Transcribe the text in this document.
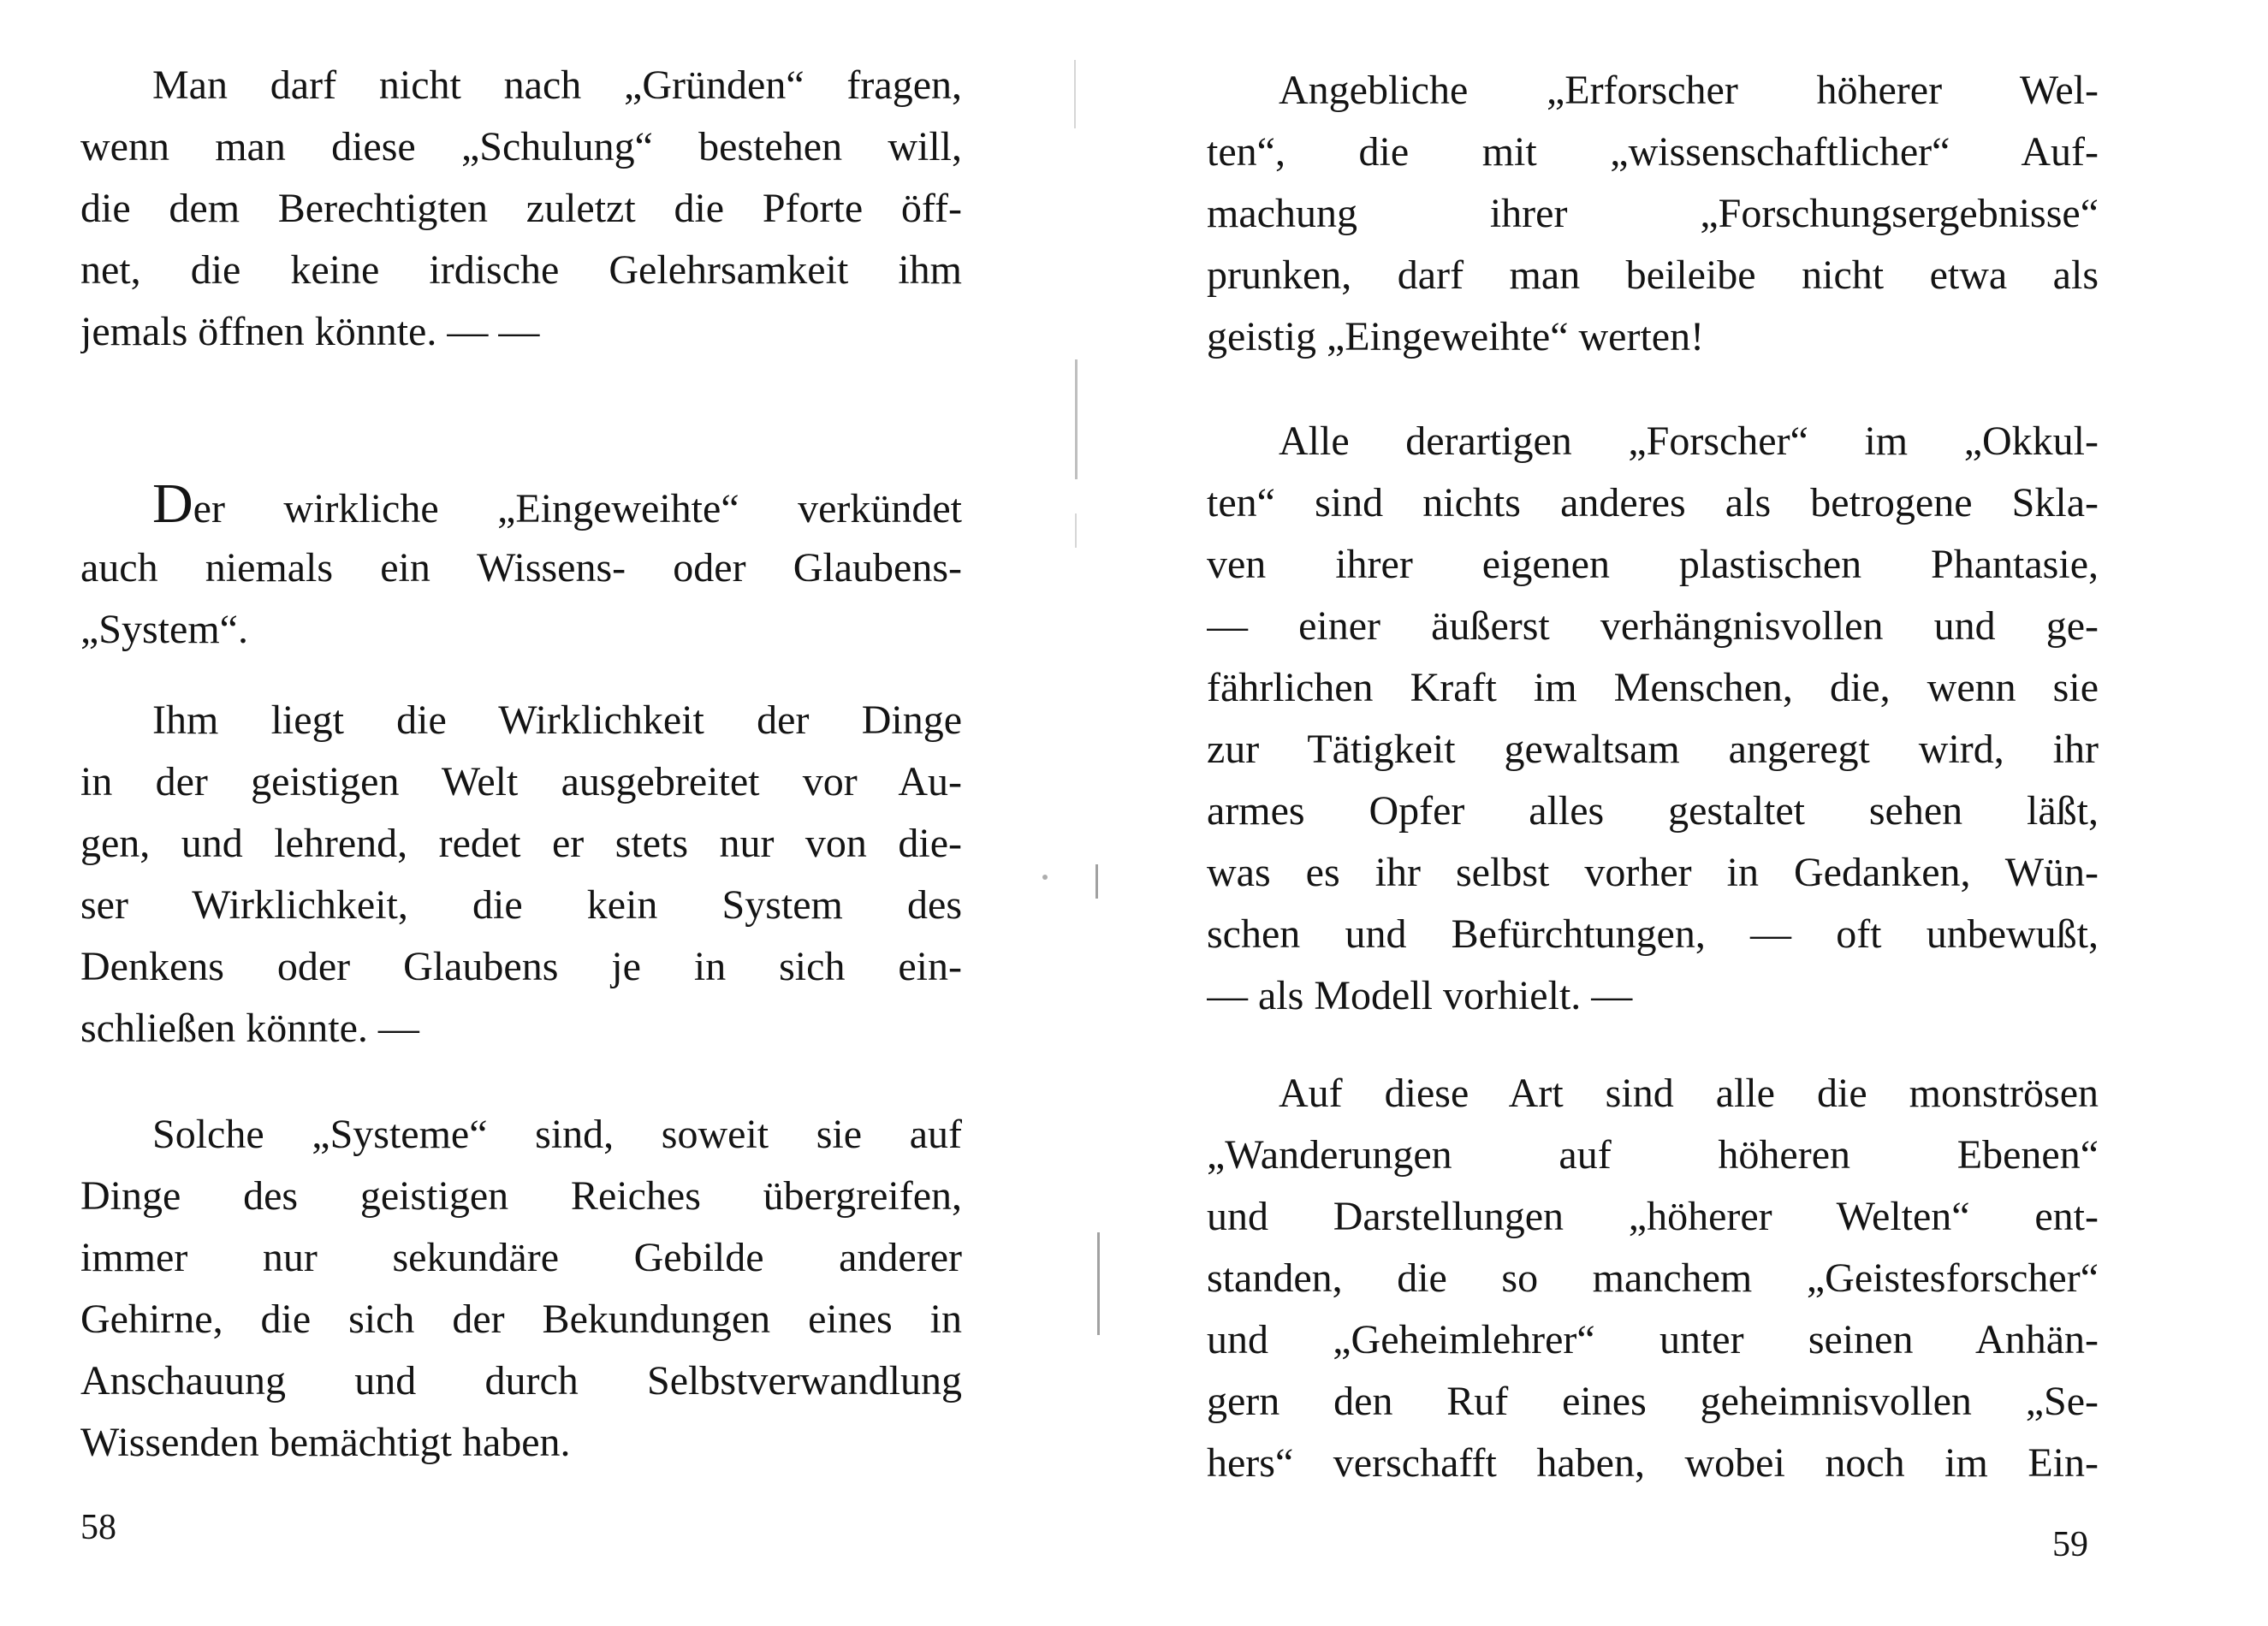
Man darf nicht nach „Gründen“ fragen,
wenn man diese „Schulung“ bestehen will,
die dem Berechtigten zuletzt die Pforte öff-
net, die keine irdische Gelehrsamkeit ihm
jemals öffnen könnte. — —
Der wirkliche „Eingeweihte“ verkündet
auch niemals ein Wissens- oder Glaubens-
„System“.
Ihm liegt die Wirklichkeit der Dinge
in der geistigen Welt ausgebreitet vor Au-
gen, und lehrend, redet er stets nur von die-
ser Wirklichkeit, die kein System des
Denkens oder Glaubens je in sich ein-
schließen könnte. —
Solche „Systeme“ sind, soweit sie auf
Dinge des geistigen Reiches übergreifen,
immer nur sekundäre Gebilde anderer
Gehirne, die sich der Bekundungen eines in
Anschauung und durch Selbstverwandlung
Wissenden bemächtigt haben.
58
Angebliche „Erforscher höherer Wel-
ten“, die mit „wissenschaftlicher“ Auf-
machung ihrer „Forschungsergebnisse“
prunken, darf man beileibe nicht etwa als
geistig „Eingeweihte“ werten!
Alle derartigen „Forscher“ im „Okkul-
ten“ sind nichts anderes als betrogene Skla-
ven ihrer eigenen plastischen Phantasie,
— einer äußerst verhängnisvollen und ge-
fährlichen Kraft im Menschen, die, wenn sie
zur Tätigkeit gewaltsam angeregt wird, ihr
armes Opfer alles gestaltet sehen läßt,
was es ihr selbst vorher in Gedanken, Wün-
schen und Befürchtungen, — oft unbewußt,
— als Modell vorhielt. —
Auf diese Art sind alle die monströsen
„Wanderungen auf höheren Ebenen“
und Darstellungen „höherer Welten“ ent-
standen, die so manchem „Geistesforscher“
und „Geheimlehrer“ unter seinen Anhän-
gern den Ruf eines geheimnisvollen „Se-
hers“ verschafft haben, wobei noch im Ein-
59
